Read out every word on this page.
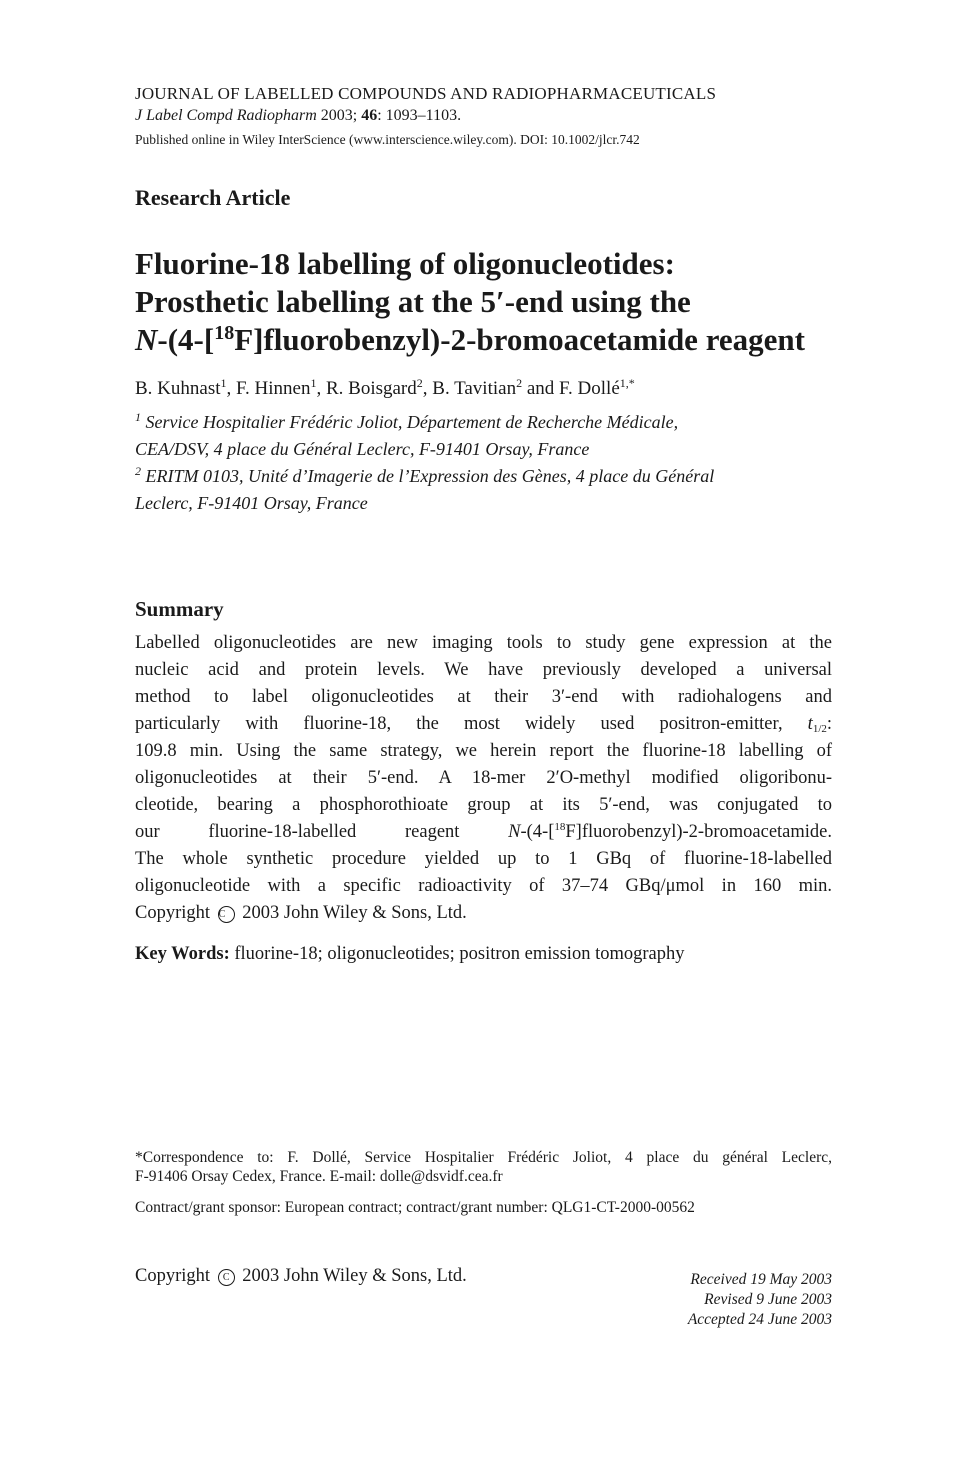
JOURNAL OF LABELLED COMPOUNDS AND RADIOPHARMACEUTICALS
J Label Compd Radiopharm 2003; 46: 1093–1103.
Published online in Wiley InterScience (www.interscience.wiley.com). DOI: 10.1002/jlcr.742
Research Article
Fluorine-18 labelling of oligonucleotides:
Prosthetic labelling at the 5′-end using the
N-(4-[$^{18}$F]fluorobenzyl)-2-bromoacetamide reagent
B. Kuhnast$^1$, F. Hinnen$^1$, R. Boisgard$^2$, B. Tavitian$^2$ and F. Dollé$^{1,*}$
$^1$ Service Hospitalier Frédéric Joliot, Département de Recherche Médicale,
CEA/DSV, 4 place du Général Leclerc, F-91401 Orsay, France
$^2$ ERITM 0103, Unité d’Imagerie de l’Expression des Gènes, 4 place du Général
Leclerc, F-91401 Orsay, France
Summary
Labelled oligonucleotides are new imaging tools to study gene expression at the
nucleic acid and protein levels. We have previously developed a universal
method to label oligonucleotides at their 3′-end with radiohalogens and
particularly with fluorine-18, the most widely used positron-emitter, $t_{1/2}$:
109.8 min. Using the same strategy, we herein report the fluorine-18 labelling of
oligonucleotides at their 5′-end. A 18-mer 2′O-methyl modified oligoribonu-
cleotide, bearing a phosphorothioate group at its 5′-end, was conjugated to
our fluorine-18-labelled reagent	N-(4-[$^{18}$F]fluorobenzyl)-2-bromoacetamide.
The whole synthetic procedure yielded up to 1 GBq of fluorine-18-labelled
oligonucleotide with a specific radioactivity of 37–74 GBq/μmol in 160 min.
Copyright C 2003 John Wiley & Sons, Ltd.
Key Words: fluorine-18; oligonucleotides; positron emission tomography
*Correspondence to: F. Dollé, Service Hospitalier Frédéric Joliot, 4 place du général Leclerc,
F-91406 Orsay Cedex, France. E-mail: dolle@dsvidf.cea.fr
Contract/grant sponsor: European contract; contract/grant number: QLG1-CT-2000-00562
Copyright C 2003 John Wiley & Sons, Ltd.	Received 19 May 2003
Revised 9 June 2003
Accepted 24 June 2003
